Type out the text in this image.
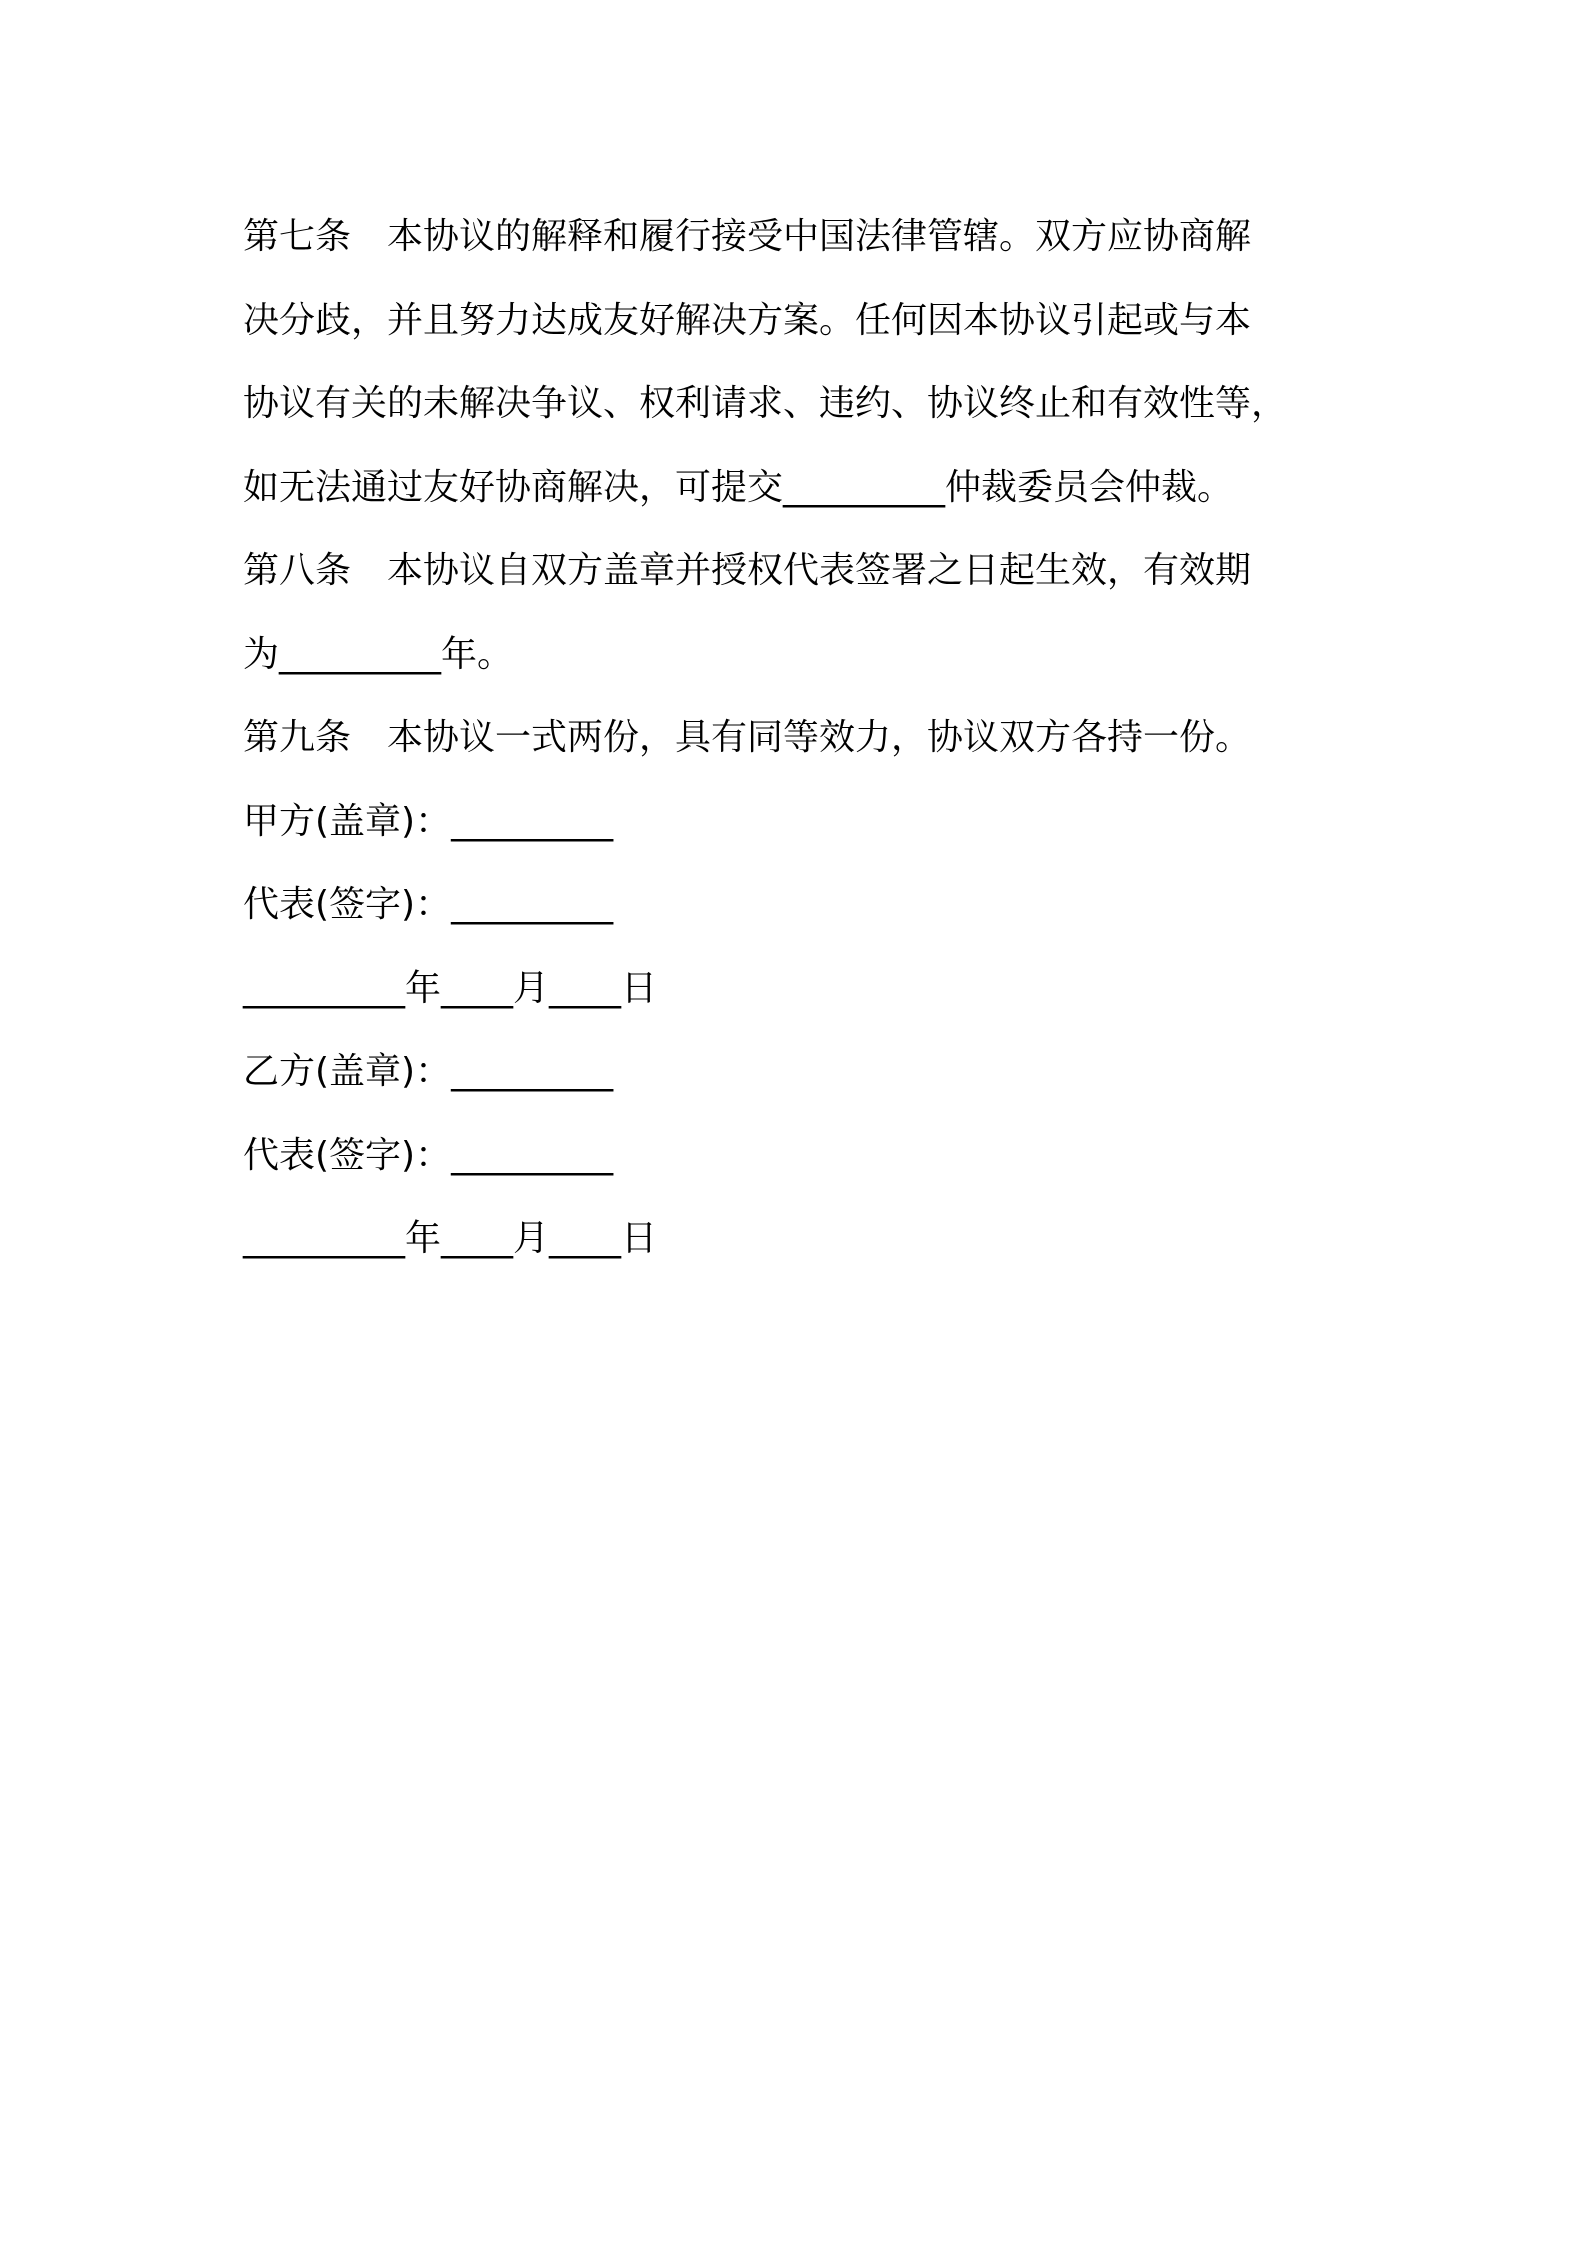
第七条　本协议的解释和履行接受中国法律管辖。双方应协商解
决分歧，并且努力达成友好解决方案。任何因本协议引起或与本
协议有关的未解决争议、权利请求、违约、协议终止和有效性等，
如无法通过友好协商解决，可提交_________仲裁委员会仲裁。
第八条　本协议自双方盖章并授权代表签署之日起生效，有效期
为_________年。
第九条　本协议一式两份，具有同等效力，协议双方各持一份。
甲方(盖章)：_________
代表(签字)：_________
_________年____月____日
乙方(盖章)：_________
代表(签字)：_________
_________年____月____日
